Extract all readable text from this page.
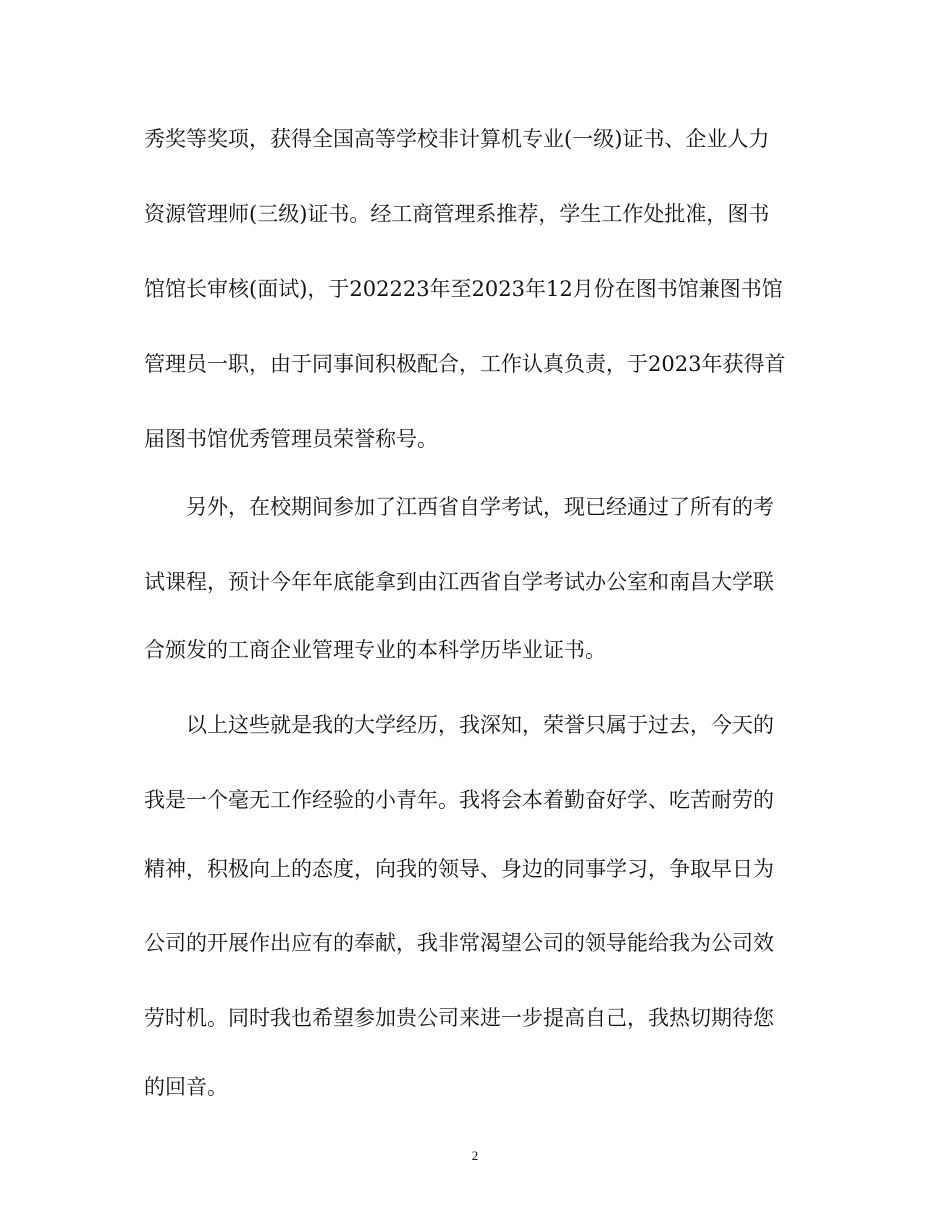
秀奖等奖项，获得全国高等学校非计算机专业(一级)证书、企业人力

资源管理师(三级)证书。经工商管理系推荐，学生工作处批准，图书

馆馆长审核(面试)，于202223年至2023年12月份在图书馆兼图书馆

管理员一职，由于同事间积极配合，工作认真负责，于2023年获得首

届图书馆优秀管理员荣誉称号。

另外，在校期间参加了江西省自学考试，现已经通过了所有的考

试课程，预计今年年底能拿到由江西省自学考试办公室和南昌大学联

合颁发的工商企业管理专业的本科学历毕业证书。

以上这些就是我的大学经历，我深知，荣誉只属于过去，今天的

我是一个毫无工作经验的小青年。我将会本着勤奋好学、吃苦耐劳的

精神，积极向上的态度，向我的领导、身边的同事学习，争取早日为

公司的开展作出应有的奉献，我非常渴望公司的领导能给我为公司效

劳时机。同时我也希望参加贵公司来进一步提高自己，我热切期待您

的回音。

2
